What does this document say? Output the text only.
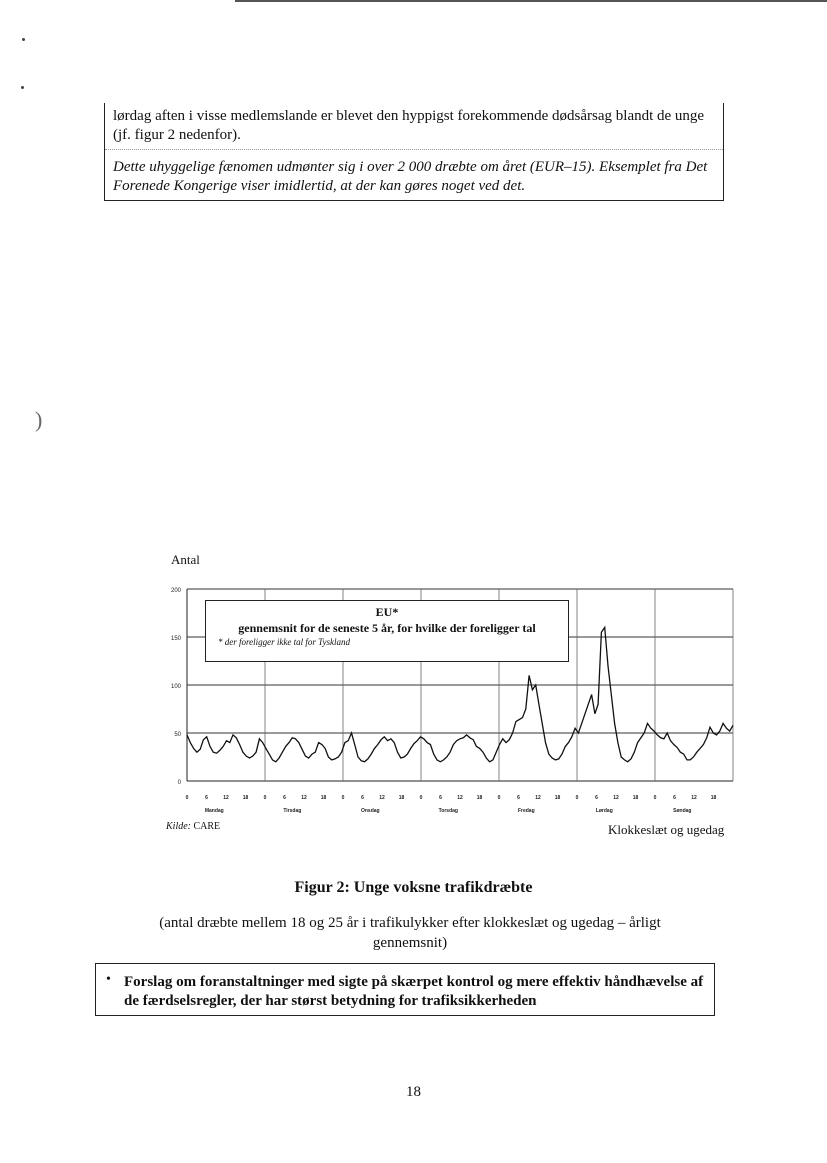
)

lørdag aften i visse medlemslande er blevet den hyppigst forekommende dødsårsag blandt de unge (jf. figur 2 nedenfor).

Dette uhyggelige fænomen udmønter sig i over 2 000 dræbte om året (EUR–15). Eksemplet fra Det Forenede Kongerige viser imidlertid, at der kan gøres noget ved det.

Antal
0
50
100
150
200
0	6	12	18	0	6	12	18	0	6	12	18	0	6	12	18	0	6	12	18	0	6	12	18	0	6	12	18
Mandag	Tirsdag	Onsdag	Torsdag	Fredag	Lørdag	Søndag
EU*
gennemsnit for de seneste 5 år, for hvilke der foreligger tal
* der foreligger ikke tal for Tyskland
Kilde: CARE	Klokkeslæt og ugedag
Figur 2: Unge voksne trafikdræbte
(antal dræbte mellem 18 og 25 år i trafikulykker efter klokkeslæt og ugedag – årligt gennemsnit)
• Forslag om foranstaltninger med sigte på skærpet kontrol og mere effektiv håndhævelse af de færdselsregler, der har størst betydning for trafiksikkerheden

18
